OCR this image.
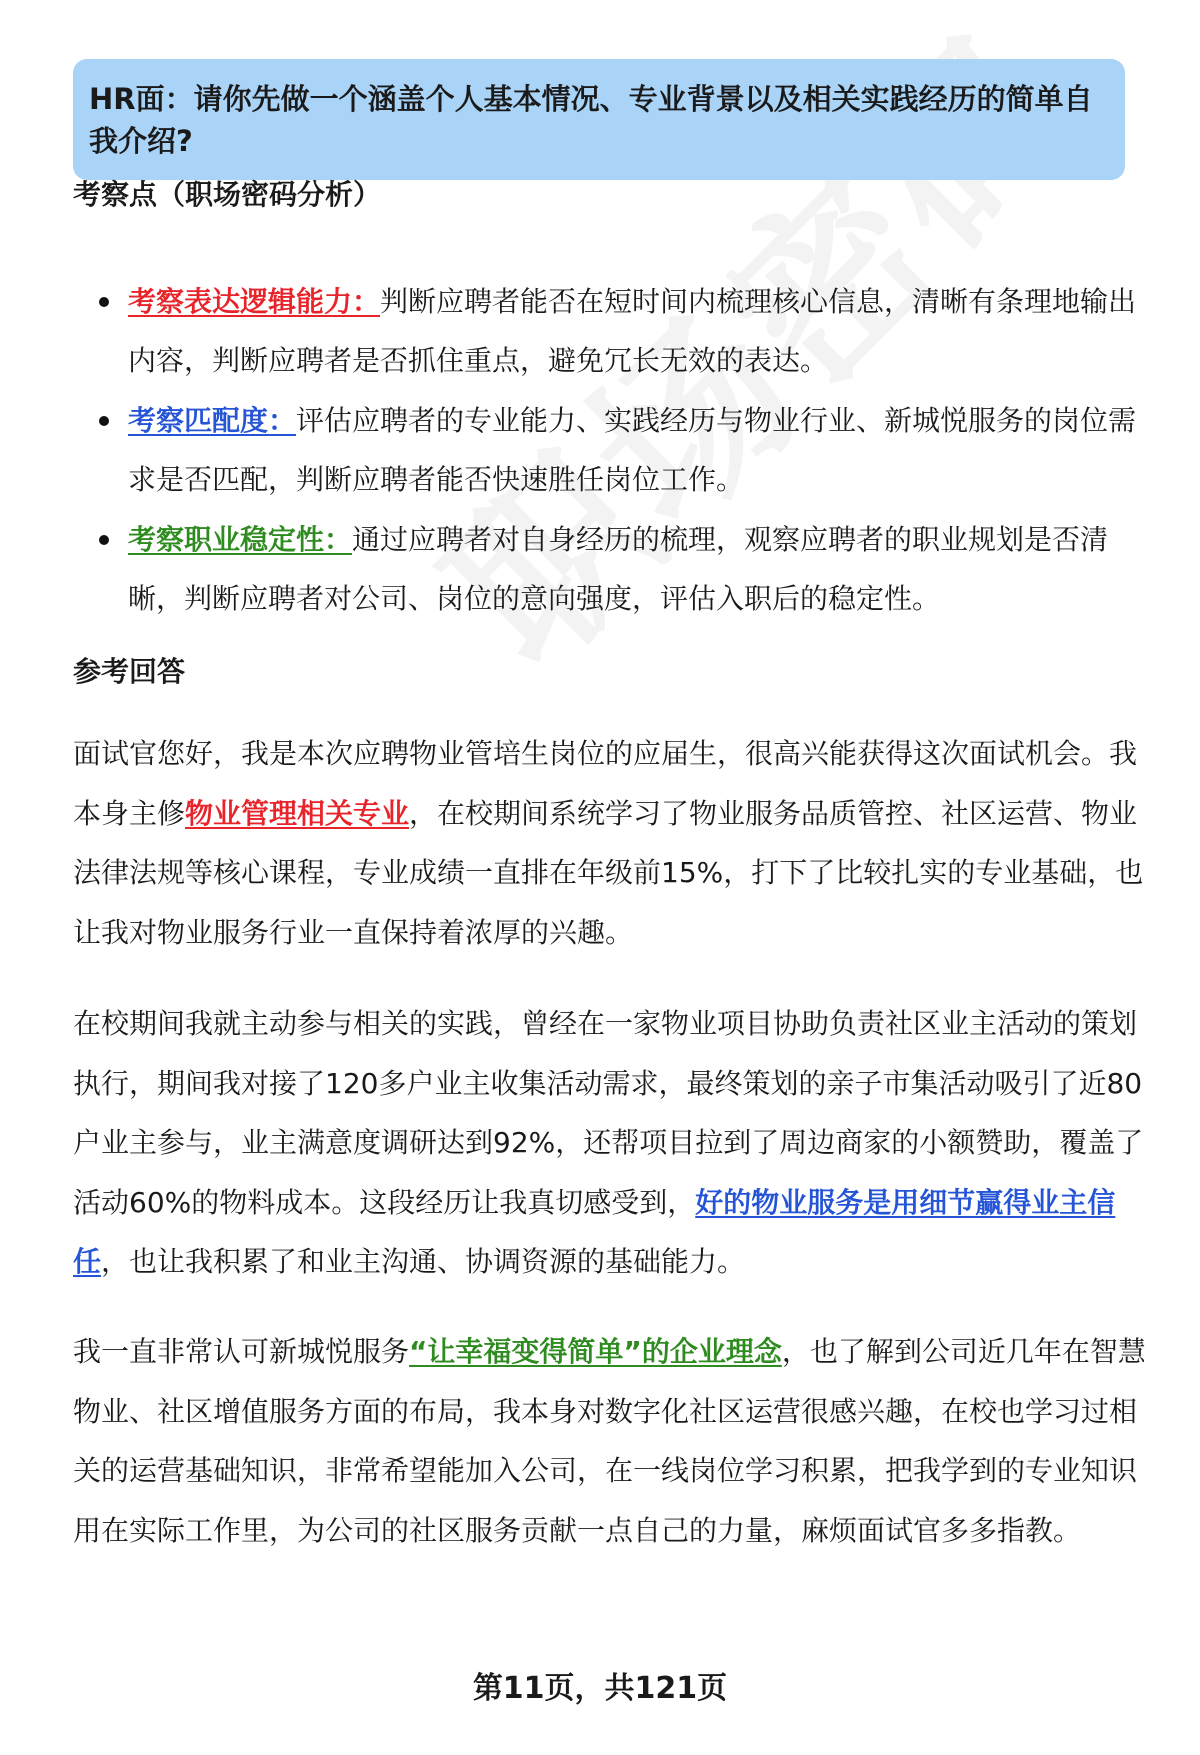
HR面：请你先做一个涵盖个人基本情况、专业背景以及相关实践经历的简单自我介绍?
考察点（职场密码分析）
考察表达逻辑能力：判断应聘者能否在短时间内梳理核心信息，清晰有条理地输出内容，判断应聘者是否抓住重点，避免冗长无效的表达。
考察匹配度：评估应聘者的专业能力、实践经历与物业行业、新城悦服务的岗位需求是否匹配，判断应聘者能否快速胜任岗位工作。
考察职业稳定性：通过应聘者对自身经历的梳理，观察应聘者的职业规划是否清晰，判断应聘者对公司、岗位的意向强度，评估入职后的稳定性。
参考回答

面试官您好，我是本次应聘物业管培生岗位的应届生，很高兴能获得这次面试机会。我本身主修物业管理相关专业，在校期间系统学习了物业服务品质管控、社区运营、物业法律法规等核心课程，专业成绩一直排在年级前15%，打下了比较扎实的专业基础，也让我对物业服务行业一直保持着浓厚的兴趣。

在校期间我就主动参与相关的实践，曾经在一家物业项目协助负责社区业主活动的策划执行，期间我对接了120多户业主收集活动需求，最终策划的亲子市集活动吸引了近80户业主参与，业主满意度调研达到92%，还帮项目拉到了周边商家的小额赞助，覆盖了活动60%的物料成本。这段经历让我真切感受到，好的物业服务是用细节赢得业主信任，也让我积累了和业主沟通、协调资源的基础能力。

我一直非常认可新城悦服务“让幸福变得简单”的企业理念，也了解到公司近几年在智慧物业、社区增值服务方面的布局，我本身对数字化社区运营很感兴趣，在校也学习过相关的运营基础知识，非常希望能加入公司，在一线岗位学习积累，把我学到的专业知识用在实际工作里，为公司的社区服务贡献一点自己的力量，麻烦面试官多多指教。

第11页，共121页
